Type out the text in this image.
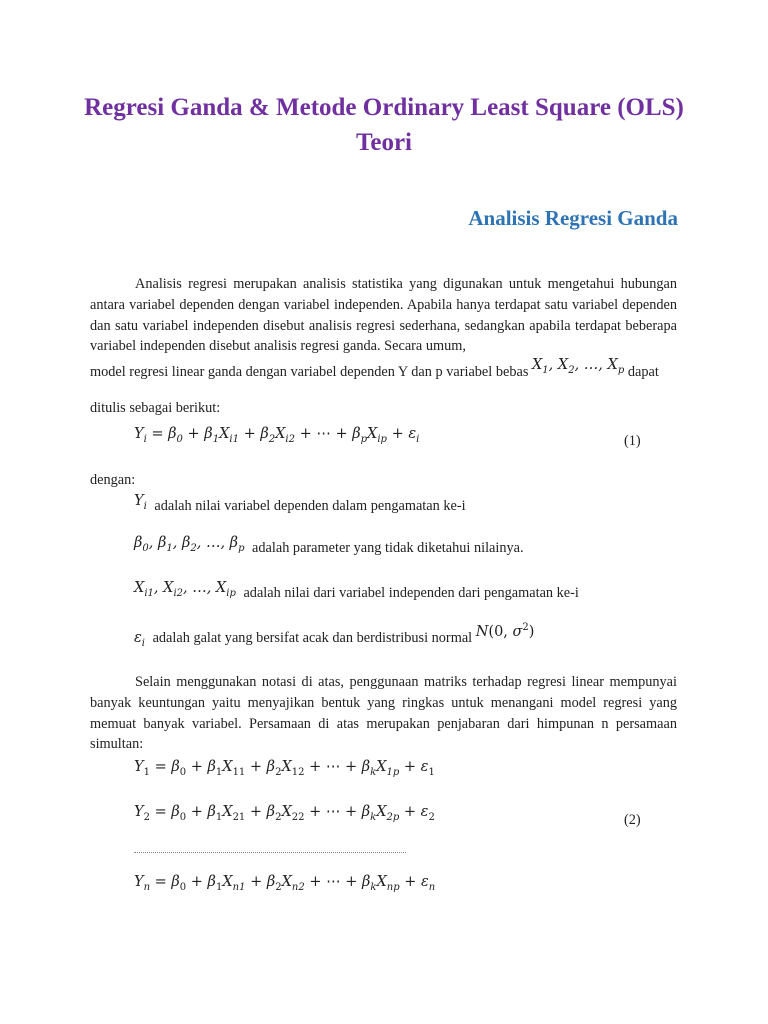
Regresi Ganda & Metode Ordinary Least Square (OLS) Teori
Analisis Regresi Ganda

Analisis regresi merupakan analisis statistika yang digunakan untuk mengetahui hubungan antara variabel dependen dengan variabel independen. Apabila hanya terdapat satu variabel dependen dan satu variabel independen disebut analisis regresi sederhana, sedangkan apabila terdapat beberapa variabel independen disebut analisis regresi ganda. Secara umum,

model regresi linear ganda dengan variabel dependen Y dan p variabel bebas $X_1$, $X_2$, …, $X_p$ dapat

ditulis sebagai berikut:

$Y_i = \beta_0 + \beta_1X_{i1} + \beta_2X_{i2}$ + ⋯ + $\beta_pX_{ip} + \varepsilon_i$	(1)

dengan:

$Y_i$ adalah nilai variabel dependen dalam pengamatan ke-i
$\beta_0$, $\beta_1$, $\beta_2$, …, $\beta_p$ adalah parameter yang tidak diketahui nilainya.
$X_{i1}$, $X_{i2}$, …, $X_{ip}$ adalah nilai dari variabel independen dari pengamatan ke-i
$\varepsilon_i$ adalah galat yang bersifat acak dan berdistribusi normal N(0, $\sigma^2$)

Selain menggunakan notasi di atas, penggunaan matriks terhadap regresi linear mempunyai banyak keuntungan yaitu menyajikan bentuk yang ringkas untuk menangani model regresi yang memuat banyak variabel. Persamaan di atas merupakan penjabaran dari himpunan n persamaan simultan:

$Y_1 = \beta_0 + \beta_1X_{11} + \beta_2X_{12}$ + ⋯ + $\beta_kX_{1p} + \varepsilon_1$
$Y_2 = \beta_0 + \beta_1X_{21} + \beta_2X_{22}$ + ⋯ + $\beta_kX_{2p} + \varepsilon_2$	(2)
$Y_n = \beta_0 + \beta_1X_{n1} + \beta_2X_{n2}$ + ⋯ + $\beta_kX_{np} + \varepsilon_n$
